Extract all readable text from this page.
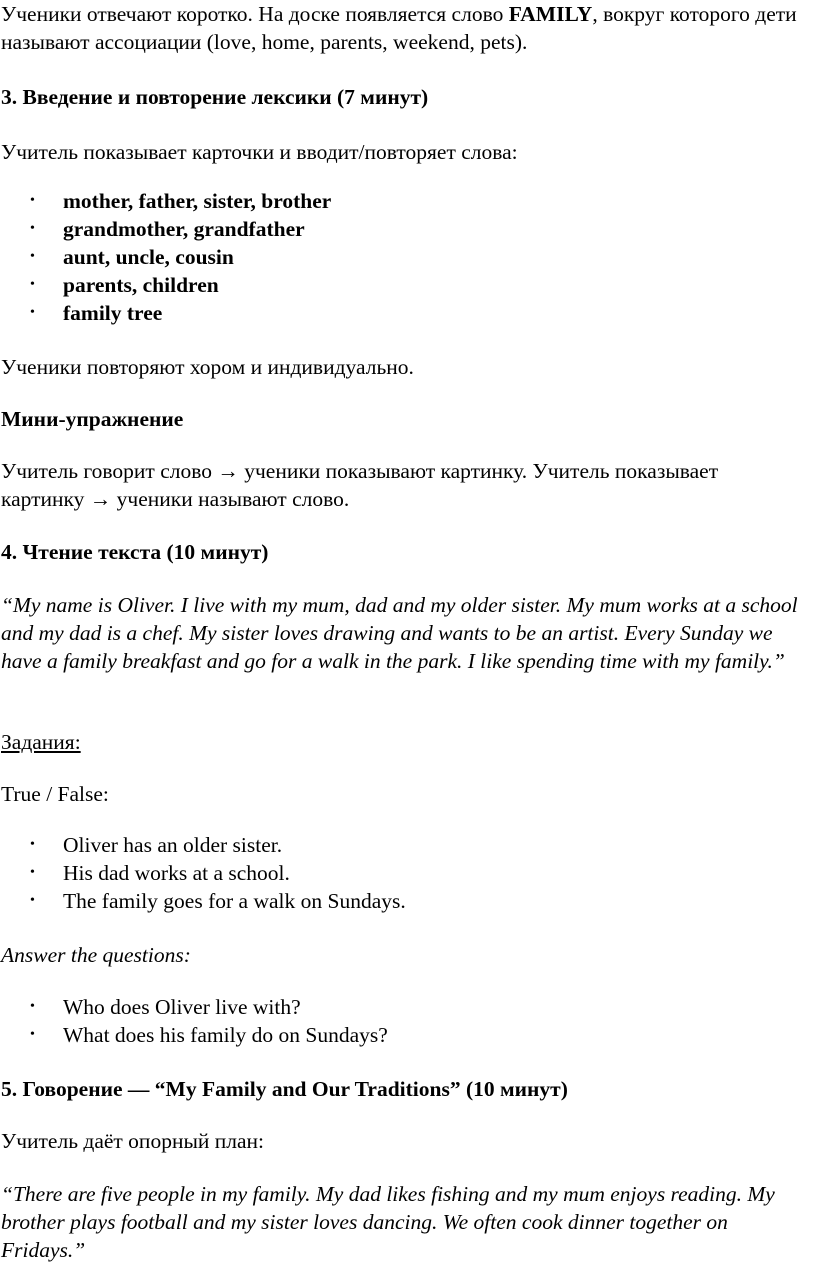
Ученики отвечают коротко. На доске появляется слово FAMILY, вокруг которого дети называют ассоциации (love, home, parents, weekend, pets).

3. Введение и повторение лексики (7 минут)

Учитель показывает карточки и вводит/повторяет слова:

• mother, father, sister, brother
• grandmother, grandfather
• aunt, uncle, cousin
• parents, children
• family tree

Ученики повторяют хором и индивидуально.

Мини-упражнение

Учитель говорит слово → ученики показывают картинку. Учитель показывает картинку → ученики называют слово.

4. Чтение текста (10 минут)

“My name is Oliver. I live with my mum, dad and my older sister. My mum works at a school and my dad is a chef. My sister loves drawing and wants to be an artist. Every Sunday we have a family breakfast and go for a walk in the park. I like spending time with my family.”

Задания:

True / False:

• Oliver has an older sister.
• His dad works at a school.
• The family goes for a walk on Sundays.

Answer the questions:

• Who does Oliver live with?
• What does his family do on Sundays?

5. Говорение — “My Family and Our Traditions” (10 минут)

Учитель даёт опорный план:

“There are five people in my family. My dad likes fishing and my mum enjoys reading. My brother plays football and my sister loves dancing. We often cook dinner together on Fridays.”
